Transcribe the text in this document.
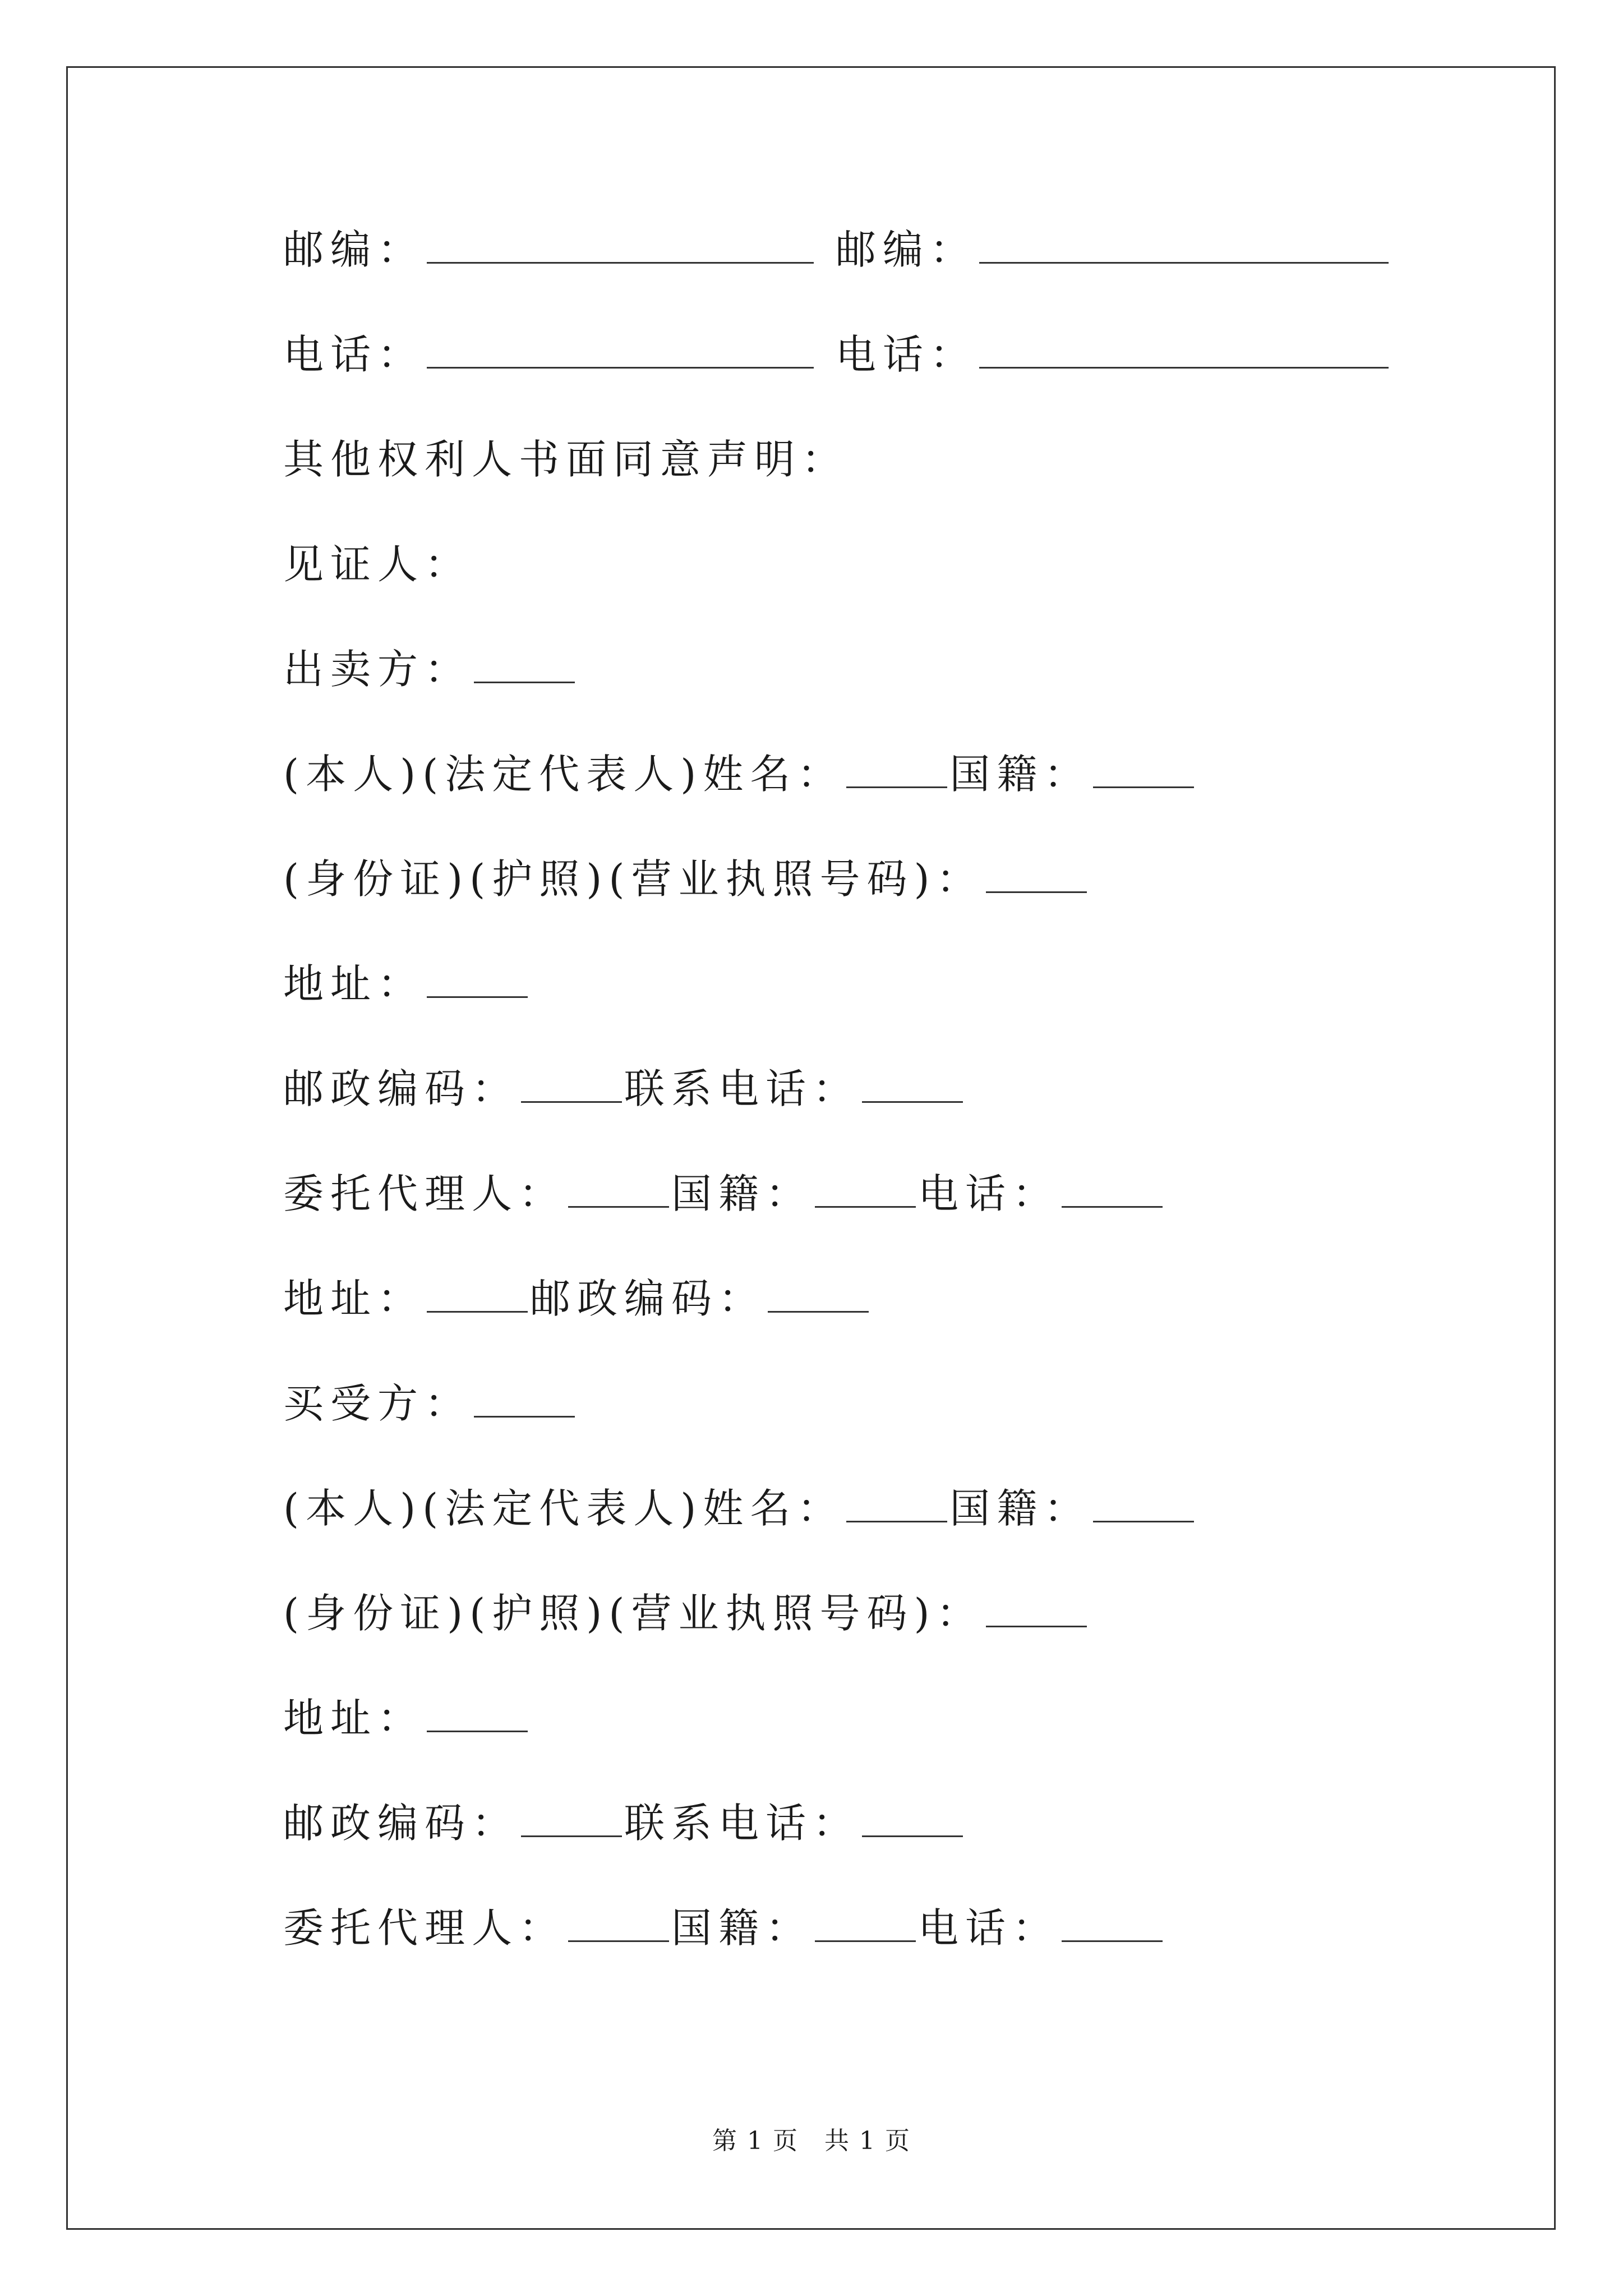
邮编：	邮编：
电话：	电话：
其他权利人书面同意声明：
见证人：
出卖方：
(本人)(法定代表人)姓名：	国籍：
(身份证)(护照)(营业执照号码)：
地址：
邮政编码：	联系电话：
委托代理人：	国籍：	电话：
地址：	邮政编码：
买受方：
(本人)(法定代表人)姓名：	国籍：
(身份证)(护照)(营业执照号码)：
地址：
邮政编码：	联系电话：
委托代理人：	国籍：	电话：
第 1 页　共 1 页
